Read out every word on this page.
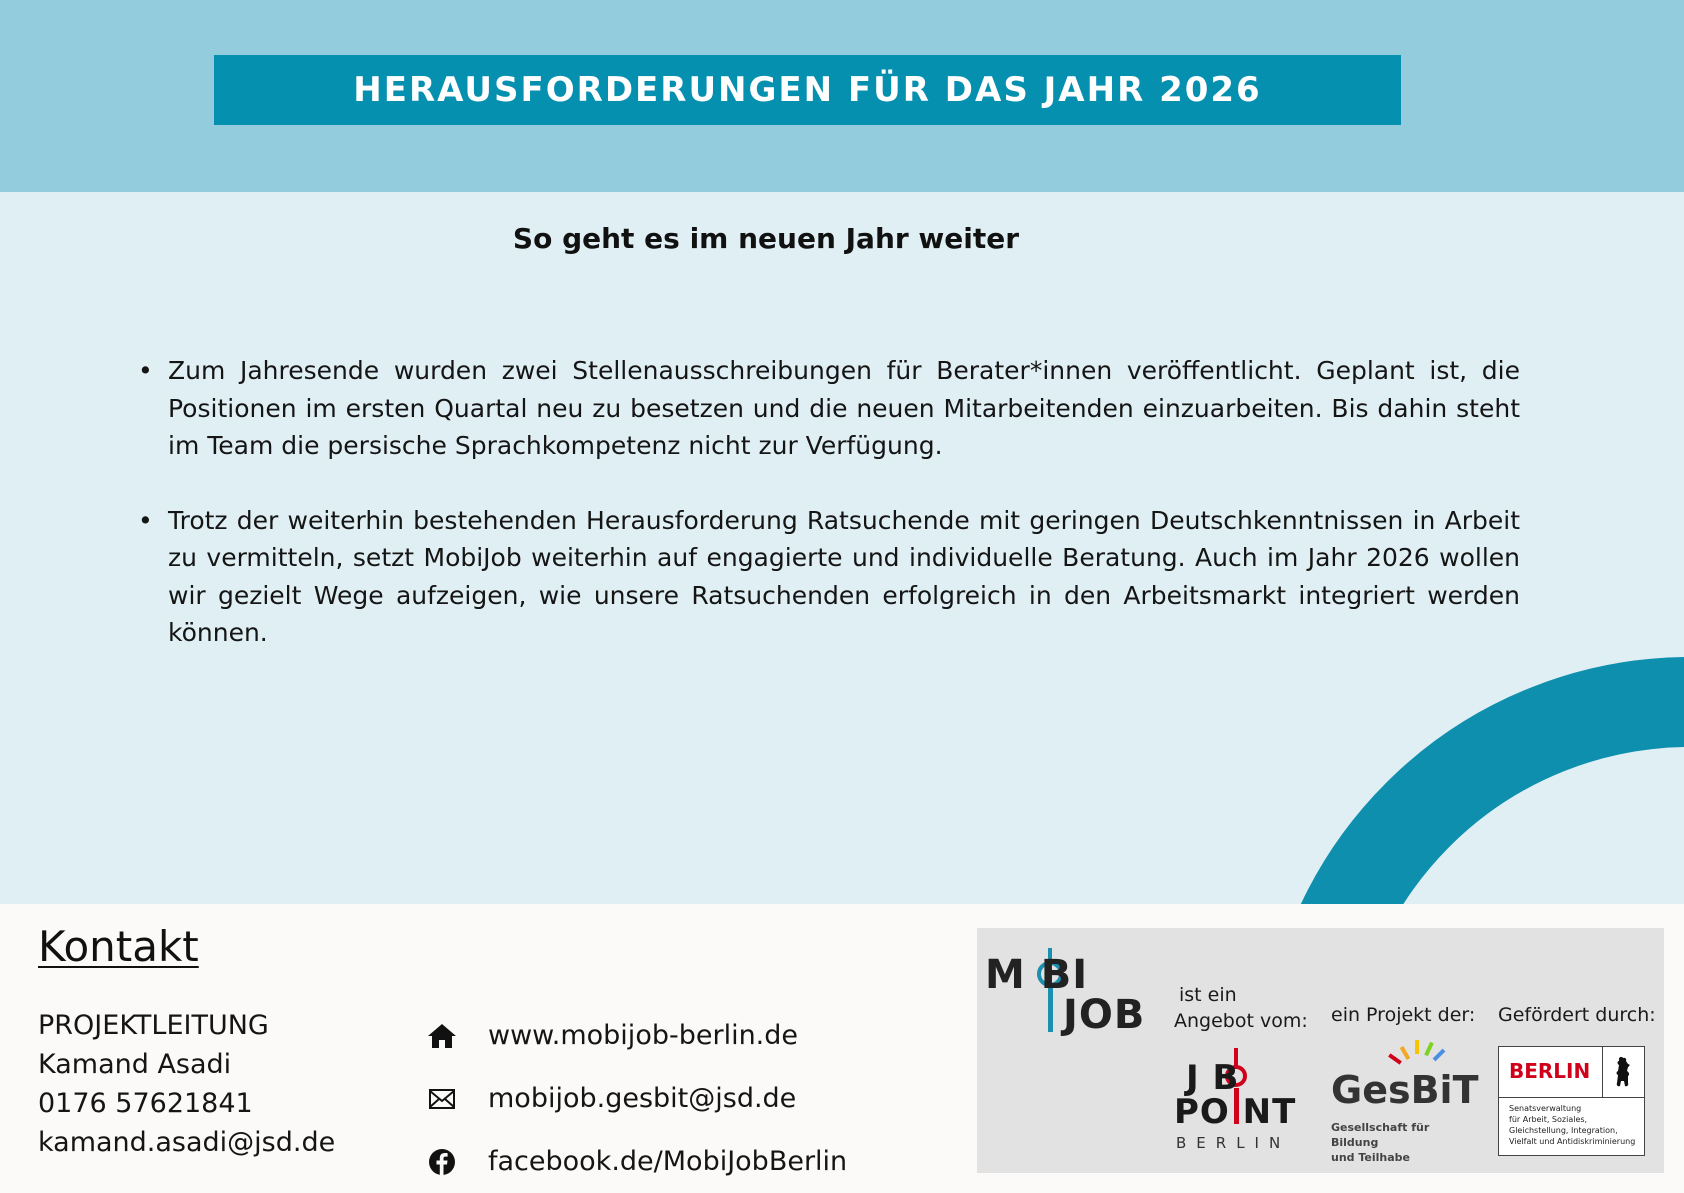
HERAUSFORDERUNGEN FÜR DAS JAHR 2026
So geht es im neuen Jahr weiter
• Zum Jahresende wurden zwei Stellenausschreibungen für Berater*innen veröffentlicht. Geplant ist, die Positionen im ersten Quartal neu zu besetzen und die neuen Mitarbeitenden einzuarbeiten. Bis dahin steht im Team die persische Sprachkompetenz nicht zur Verfügung.
• Trotz der weiterhin bestehenden Herausforderung Ratsuchende mit geringen Deutschkenntnissen in Arbeit zu vermitteln, setzt MobiJob weiterhin auf engagierte und individuelle Beratung. Auch im Jahr 2026 wollen wir gezielt Wege aufzeigen, wie unsere Ratsuchenden erfolgreich in den Arbeitsmarkt integriert werden können.
Kontakt
PROJEKTLEITUNG
Kamand Asadi
0176 57621841
kamand.asadi@jsd.de
www.mobijob-berlin.de
mobijob.gesbit@jsd.de
facebook.de/MobiJobBerlin
M BI
JOB ist ein
Angebot vom: ein Projekt der: Gefördert durch:
J B
PO NT
BERLIN
GesBiT
Gesellschaft für Bildung
und Teilhabe
BERLIN
Senatsverwaltung
für Arbeit, Soziales,
Gleichstellung, Integration,
Vielfalt und Antidiskriminierung
